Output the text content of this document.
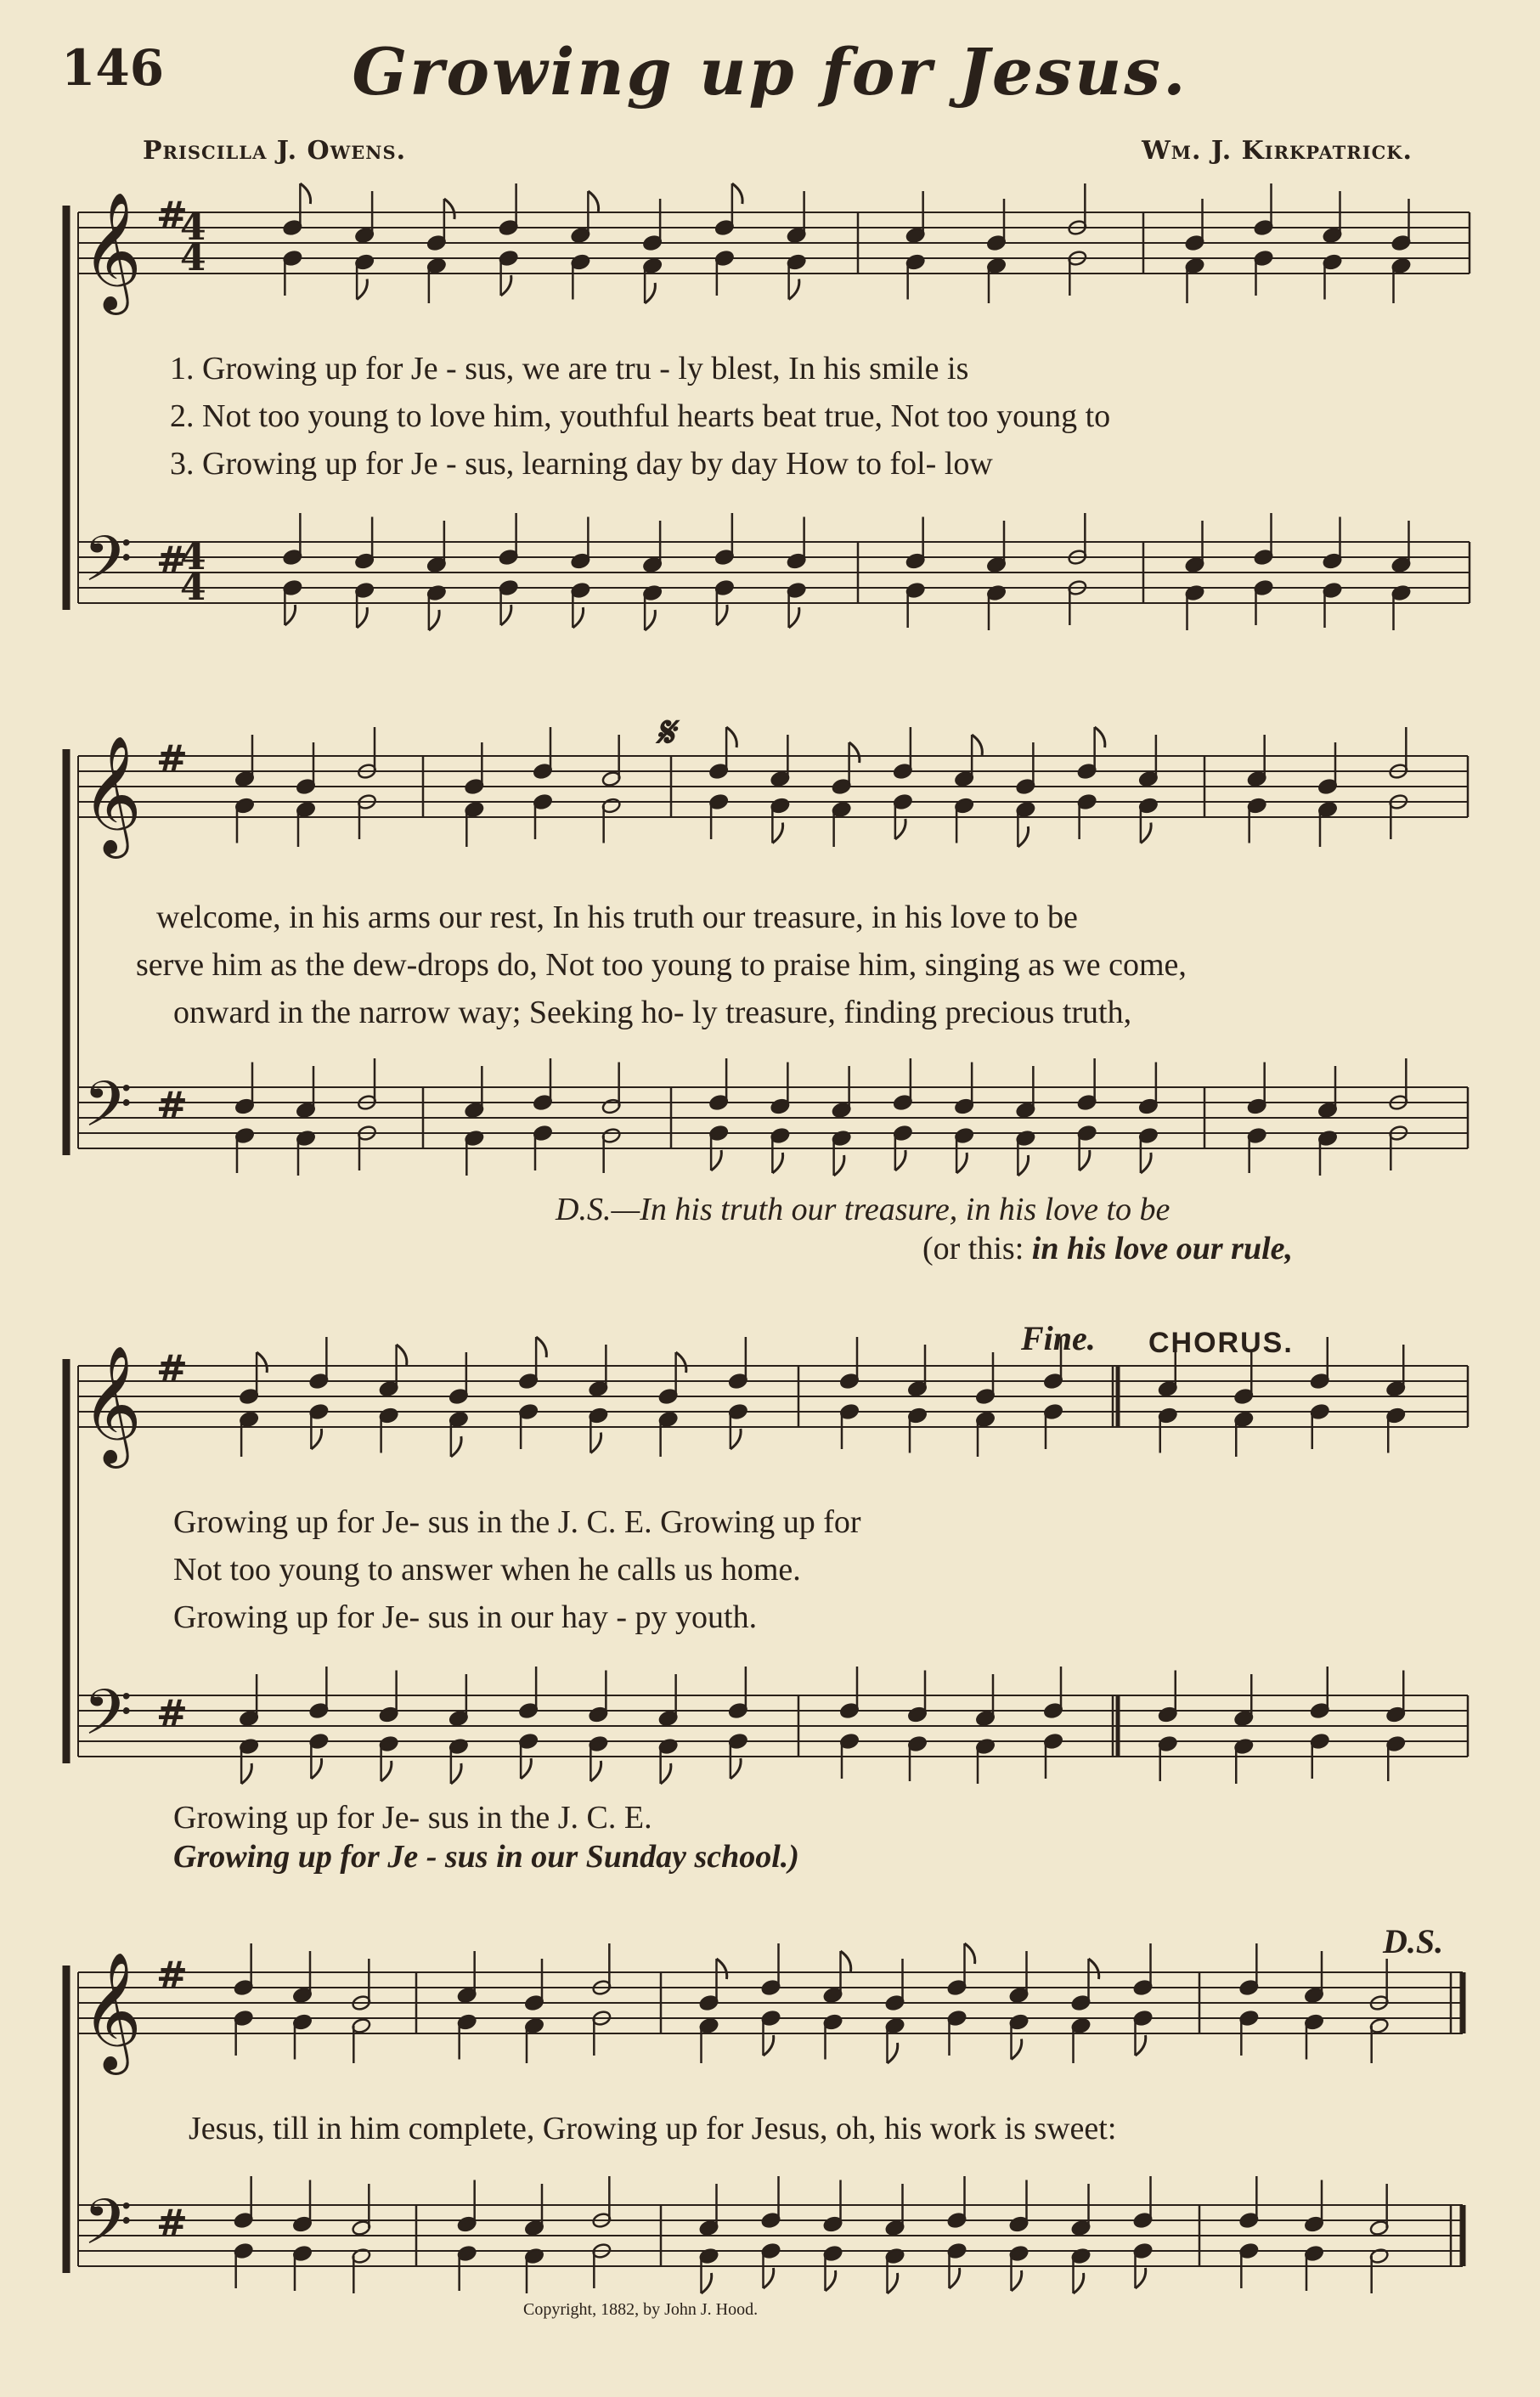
146	Growing up for Jesus.
Priscilla J. Owens.	Wm. J. Kirkpatrick.
𝄞
𝄢
#
#
4
4
4
4
𝄞
𝄢
#
#
𝄞
𝄢
#
#
𝄞
𝄢
#
#
1. Growing up for Je - sus, we are tru - ly blest, In his smile is
2. Not too young to love him, youthful hearts beat true, Not too young to
3. Growing up for Je - sus, learning day by day How to fol- low
𝄋
welcome, in his arms our rest, In his truth our treasure, in his love to be
serve him as the dew-drops do, Not too young to praise him, singing as we come,
onward in the narrow way; Seeking ho- ly treasure, finding precious truth,
D.S.—In his truth our treasure, in his love to be
(or this: in his love our rule,
Fine. CHORUS.
Growing up for Je- sus in the J. C. E. Growing up for
Not too young to answer when he calls us home.
Growing up for Je- sus in our hay - py youth.
Growing up for Je- sus in the J. C. E.
Growing up for Je - sus in our Sunday school.)
D.S.
Jesus, till in him complete, Growing up for Jesus, oh, his work is sweet:
Copyright, 1882, by John J. Hood.
